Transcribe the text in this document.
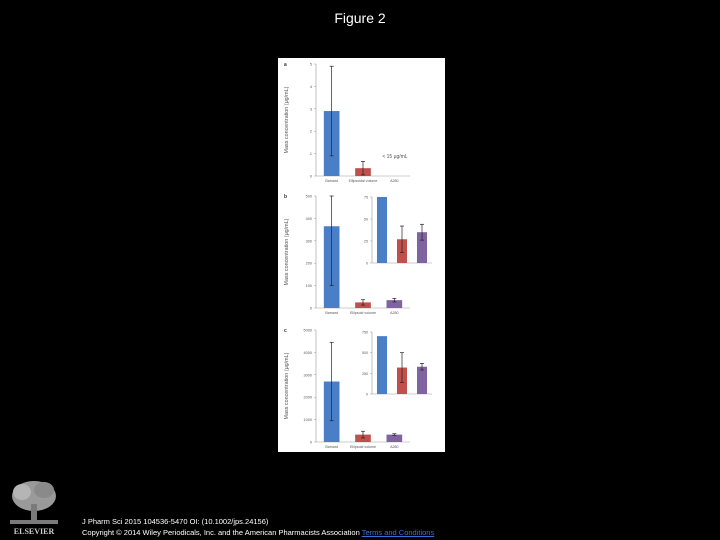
Figure 2
a
Mass concentration (μg/mL)
0
1
2
3
4
5
Bamard	Ellipsoidal volume	A280
< 15 μg/mL
b
Mass concentration (μg/mL)
0
100
200
300
400
500
Bamard	Ellipsoid volume	A280
0
25
50
75
c
Mass concentration (μg/mL)
0
1000
2000
3000
4000
5000
Bamard	Ellipsoid volume	A280
0
250
500
750
ELSEVIER
J Pharm Sci 2015 104536-5470 OI: (10.1002/jps.24156)
Copyright © 2014 Wiley Periodicals, Inc. and the American Pharmacists Association Terms and Conditions
